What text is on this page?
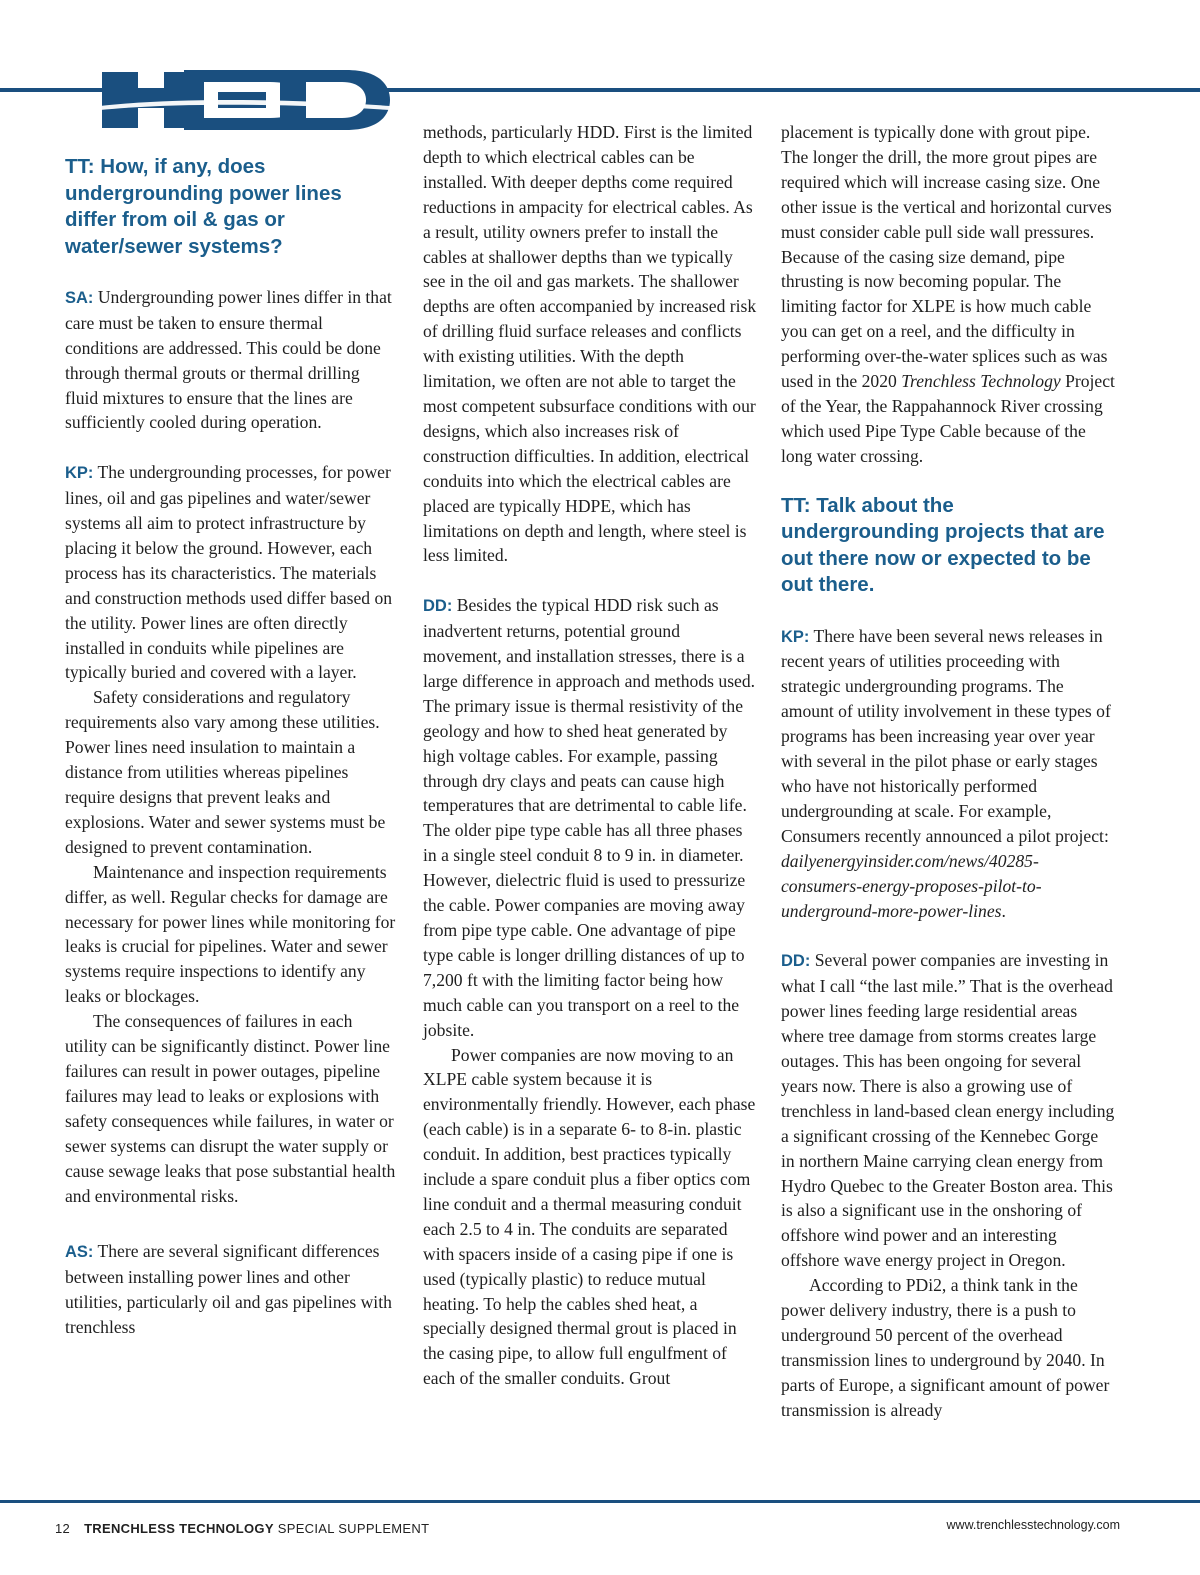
HDD

TT: How, if any, does undergrounding power lines differ from oil & gas or water/sewer systems?

SA: Undergrounding power lines differ in that care must be taken to ensure thermal conditions are addressed. This could be done through thermal grouts or thermal drilling fluid mixtures to ensure that the lines are sufficiently cooled during operation.

KP: The undergrounding processes, for power lines, oil and gas pipelines and water/sewer systems all aim to protect infrastructure by placing it below the ground. However, each process has its characteristics. The materials and construction methods used differ based on the utility. Power lines are often directly installed in conduits while pipelines are typically buried and covered with a layer.

Safety considerations and regulatory requirements also vary among these utilities. Power lines need insulation to maintain a distance from utilities whereas pipelines require designs that prevent leaks and explosions. Water and sewer systems must be designed to prevent contamination.

Maintenance and inspection requirements differ, as well. Regular checks for damage are necessary for power lines while monitoring for leaks is crucial for pipelines. Water and sewer systems require inspections to identify any leaks or blockages.

The consequences of failures in each utility can be significantly distinct. Power line failures can result in power outages, pipeline failures may lead to leaks or explosions with safety consequences while failures, in water or sewer systems can disrupt the water supply or cause sewage leaks that pose substantial health and environmental risks.

AS: There are several significant differences between installing power lines and other utilities, particularly oil and gas pipelines with trenchless

methods, particularly HDD. First is the limited depth to which electrical cables can be installed. With deeper depths come required reductions in ampacity for electrical cables. As a result, utility owners prefer to install the cables at shallower depths than we typically see in the oil and gas markets. The shallower depths are often accompanied by increased risk of drilling fluid surface releases and conflicts with existing utilities. With the depth limitation, we often are not able to target the most competent subsurface conditions with our designs, which also increases risk of construction difficulties. In addition, electrical conduits into which the electrical cables are placed are typically HDPE, which has limitations on depth and length, where steel is less limited.

DD: Besides the typical HDD risk such as inadvertent returns, potential ground movement, and installation stresses, there is a large difference in approach and methods used. The primary issue is thermal resistivity of the geology and how to shed heat generated by high voltage cables. For example, passing through dry clays and peats can cause high temperatures that are detrimental to cable life. The older pipe type cable has all three phases in a single steel conduit 8 to 9 in. in diameter. However, dielectric fluid is used to pressurize the cable. Power companies are moving away from pipe type cable. One advantage of pipe type cable is longer drilling distances of up to 7,200 ft with the limiting factor being how much cable can you transport on a reel to the jobsite.

Power companies are now moving to an XLPE cable system because it is environmentally friendly. However, each phase (each cable) is in a separate 6- to 8-in. plastic conduit. In addition, best practices typically include a spare conduit plus a fiber optics com line conduit and a thermal measuring conduit each 2.5 to 4 in. The conduits are separated with spacers inside of a casing pipe if one is used (typically plastic) to reduce mutual heating. To help the cables shed heat, a specially designed thermal grout is placed in the casing pipe, to allow full engulfment of each of the smaller conduits. Grout

placement is typically done with grout pipe. The longer the drill, the more grout pipes are required which will increase casing size. One other issue is the vertical and horizontal curves must consider cable pull side wall pressures. Because of the casing size demand, pipe thrusting is now becoming popular. The limiting factor for XLPE is how much cable you can get on a reel, and the difficulty in performing over-the-water splices such as was used in the 2020 Trenchless Technology Project of the Year, the Rappahannock River crossing which used Pipe Type Cable because of the long water crossing.

TT: Talk about the undergrounding projects that are out there now or expected to be out there.

KP: There have been several news releases in recent years of utilities proceeding with strategic undergrounding programs. The amount of utility involvement in these types of programs has been increasing year over year with several in the pilot phase or early stages who have not historically performed undergrounding at scale. For example, Consumers recently announced a pilot project: dailyenergyinsider.com/news/40285-consumers-energy-proposes-pilot-to-underground-more-power-lines.

DD: Several power companies are investing in what I call “the last mile.” That is the overhead power lines feeding large residential areas where tree damage from storms creates large outages. This has been ongoing for several years now. There is also a growing use of trenchless in land-based clean energy including a significant crossing of the Kennebec Gorge in northern Maine carrying clean energy from Hydro Quebec to the Greater Boston area. This is also a significant use in the onshoring of offshore wind power and an interesting offshore wave energy project in Oregon.

According to PDi2, a think tank in the power delivery industry, there is a push to underground 50 percent of the overhead transmission lines to underground by 2040. In parts of Europe, a significant amount of power transmission is already

12 TRENCHLESS TECHNOLOGY SPECIAL SUPPLEMENT	www.trenchlesstechnology.com
